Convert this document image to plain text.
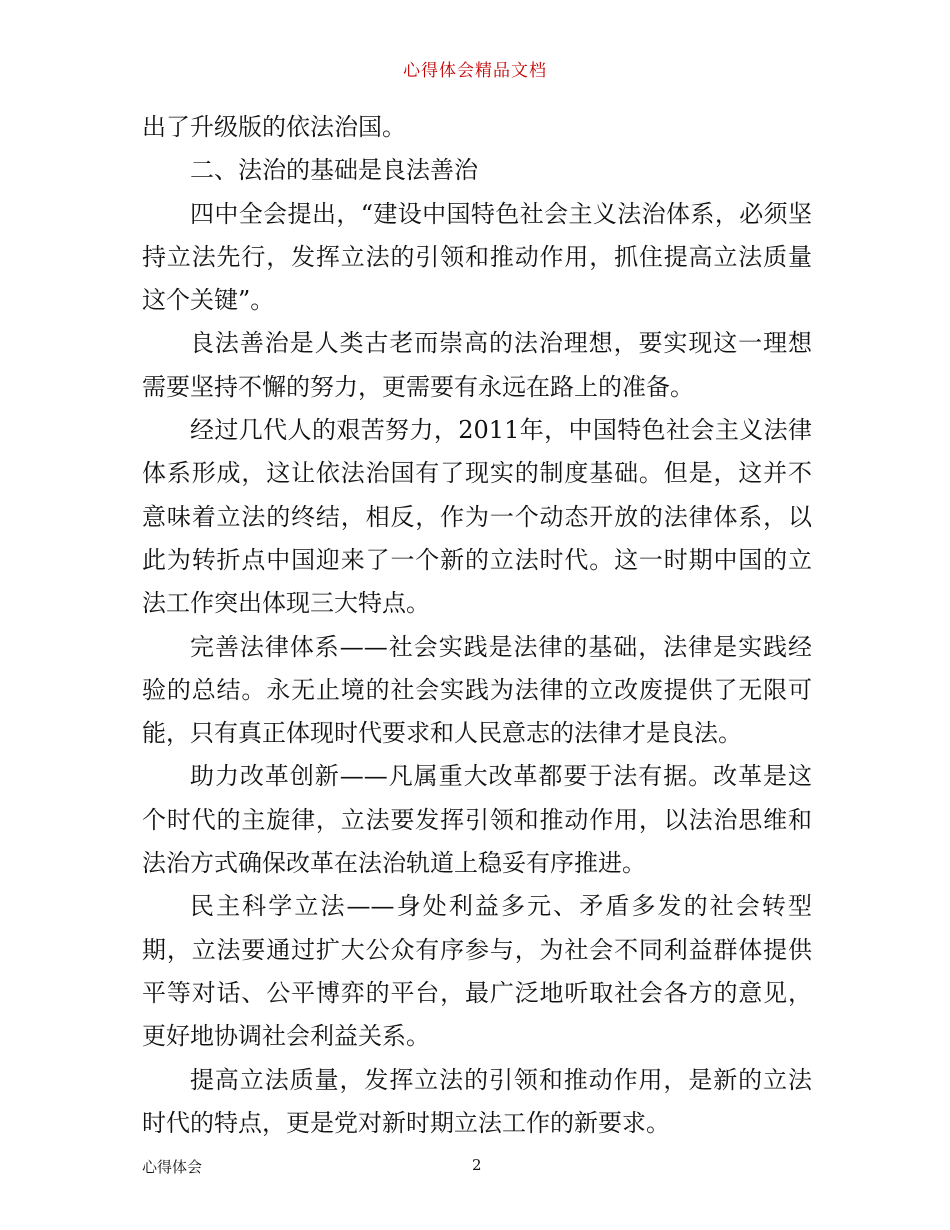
心得体会精品文档

出了升级版的依法治国。

二、法治的基础是良法善治

四中全会提出，“建设中国特色社会主义法治体系，必须坚持立法先行，发挥立法的引领和推动作用，抓住提高立法质量这个关键”。

良法善治是人类古老而崇高的法治理想，要实现这一理想需要坚持不懈的努力，更需要有永远在路上的准备。

经过几代人的艰苦努力，2011年，中国特色社会主义法律体系形成，这让依法治国有了现实的制度基础。但是，这并不意味着立法的终结，相反，作为一个动态开放的法律体系，以此为转折点中国迎来了一个新的立法时代。这一时期中国的立法工作突出体现三大特点。

完善法律体系——社会实践是法律的基础，法律是实践经验的总结。永无止境的社会实践为法律的立改废提供了无限可能，只有真正体现时代要求和人民意志的法律才是良法。

助力改革创新——凡属重大改革都要于法有据。改革是这个时代的主旋律，立法要发挥引领和推动作用，以法治思维和法治方式确保改革在法治轨道上稳妥有序推进。

民主科学立法——身处利益多元、矛盾多发的社会转型期，立法要通过扩大公众有序参与，为社会不同利益群体提供平等对话、公平博弈的平台，最广泛地听取社会各方的意见，更好地协调社会利益关系。

提高立法质量，发挥立法的引领和推动作用，是新的立法时代的特点，更是党对新时期立法工作的新要求。

心得体会	2
